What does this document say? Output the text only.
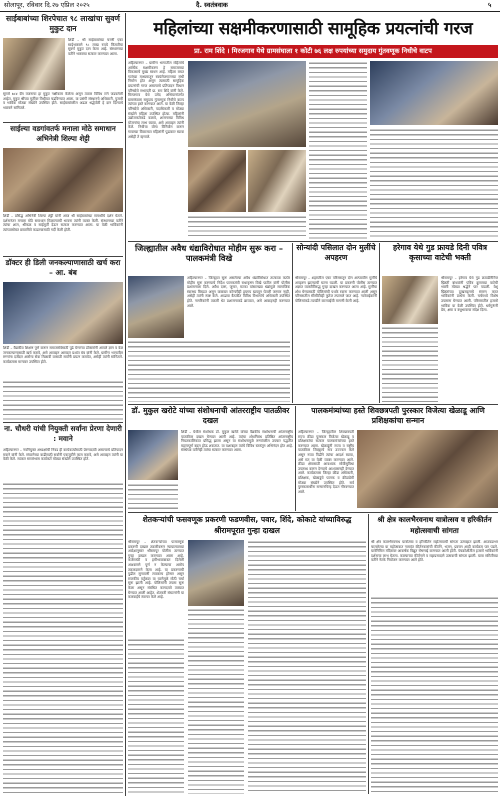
सोलापूर, रविवार दि.२७ एप्रिल २०२५	दै. स्वतंत्रवाक	५
साईबाबांच्या शिरपेचात ९८ लाखांचा सुवर्ण मुकुट दान
शिर्डी – श्री साईबाबांच्या चरणी एका साईभक्ताने ९८ लाख रुपये किंमतीचा सुवर्ण मुकुट दान केला आहे. संस्थानच्या वतीने भक्ताचा सत्कार करण्यात आला.
सुमारे ७८४ ग्रॅम वजनाचा हा मुकुट नक्षीकाम केलेला असून त्यावर विविध रत्ने जडवलेली आहेत. मुकुट श्रींच्या मूर्तीवर विधीवत चढविण्यात आला. या प्रसंगी संस्थानचे अधिकारी, पुजारी व भाविक मोठ्या संख्येने उपस्थित होते. साईबाबांवरील अढळ श्रद्धेपोटी हे दान दिल्याचे भक्ताने सांगितले.
साईल्या वडगांवतर्फ मनाला मोठे समाधान अभिनेत्री शिल्पा शेट्टी
शिर्डी – प्रसिद्ध अभिनेत्री शिल्पा शेट्टी यांनी आज श्री साईबाबांच्या समाधीचे दर्शन घेतले. दर्शनानंतर मनाला मोठे समाधान मिळाल्याची भावना त्यांनी व्यक्त केली. संस्थानच्या वतीने त्यांचा शाल, श्रीफळ व साईमूर्ती देऊन सत्कार करण्यात आला. या वेळी भाविकांनी त्यांच्यासोबत छायाचित्रे काढण्यासाठी गर्दी केली होती.
डॉक्टर ही डिली जनकल्याणासाठी खर्च करा – आ. बंब
शिर्डी – वैद्यकीय शिक्षण पूर्ण करून समाजसेवेसाठी पुढे येणाऱ्या डॉक्टरांनी आपले ज्ञान व वेळ जनकल्याणासाठी खर्च करावे, असे आवाहन आमदार प्रशांत बंब यांनी केले. ग्रामीण भागातील रुग्णांना दर्जेदार आरोग्य सेवा मिळावी यासाठी सर्वांनी प्रयत्न करावेत, असेही त्यांनी सांगितले. कार्यक्रमास मान्यवर उपस्थित होते.
ना. चौधरी यांची नियुक्ती सर्वांना प्रेरणा देणारी : मवाने
अहिल्यानगर – नवनियुक्त अध्यक्षांची निवड ही कार्यकर्त्यांसाठी प्रेरणादायी असल्याचे प्रतिपादन मवाने यांनी केले. संघटनेच्या वाढीसाठी सर्वांनी एकजुटीने काम करावे, असे आवाहन त्यांनी या वेळी केले. सत्कार समारंभास कार्यकर्ते मोठ्या संख्येने उपस्थित होते.
महिलांच्या सक्षमीकरणासाठी सामूहिक प्रयत्नांची गरज
प्रा. राम शिंदे । मिरजगाव येथे ग्रामसंघाला १ कोटी ७६ लक्ष रुपयांच्या समुदाय गुंतवणूक निधीचे वाटप
अहिल्यानगर – ग्रामीण भागातील महिलांचे आर्थिक सक्षमीकरण हे समाजाच्या विकासाचे मुख्य साधन आहे. महिला बचत गटांच्या माध्यमातून स्वयंरोजगाराच्या संधी निर्माण होत असून त्यासाठी सामूहिक प्रयत्नांची गरज असल्याचे प्रतिपादन विधान परिषदेचे सभापती प्रा. राम शिंदे यांनी केले. मिरजगाव येथे उमेद अभियानांतर्गत ग्रामसंघाला समुदाय गुंतवणूक निधीचे वाटप त्यांच्या हस्ते करण्यात आले. या वेळी जिल्हा परिषदेचे अधिकारी, पदाधिकारी व मोठ्या संख्येने महिला उपस्थित होत्या. महिलांनी उद्योजकतेकडे वळावे, शासनाच्या विविध योजनांचा लाभ घ्यावा, असे आवाहन त्यांनी केले. निधीचा योग्य विनियोग करून गावाच्या विकासात महिलांनी पुढाकार घ्यावा असेही ते म्हणाले.
जिल्ह्यातील अवैध धंद्याविरोधात मोहीम सुरू करा – पालकमंत्री विखे
अहिल्यानगर – जिल्ह्यात सुरू असलेल्या अवैध धंद्यांविरोधात तात्काळ कठोर मोहीम सुरू करण्याचे निर्देश पालकमंत्री राधाकृष्ण विखे पाटील यांनी पोलीस प्रशासनाला दिले. अवैध दारू, जुगार, मटका यांसारख्या धंद्यांमुळे सामाजिक स्वास्थ्य बिघडत असून याबाबत कोणतीही हयगय खपवून घेतली जाणार नाही, असेही त्यांनी स्पष्ट केले. आढावा बैठकीत विविध विभागांचे अधिकारी उपस्थित होते. नागरिकांनी तक्रारी थेट प्रशासनाकडे द्याव्यात, असे आवाहनही करण्यात आले.
सोन्यांदी पसिलात दोन मुलींचे अपहरण
श्रीरामपूर – शहरातील एका परिसरातून दोन अल्पवयीन मुलींचे अपहरण झाल्याची घटना घडली. या प्रकरणी पोलीस ठाण्यात अज्ञात व्यक्तीविरुद्ध गुन्हा दाखल करण्यात आला आहे. मुलींचा शोध घेण्यासाठी पोलिसांची पथके रवाना करण्यात आली असून परिसरातील सीसीटीव्ही फुटेज तपासले जात आहे. नातेवाईकांनी पोलिसांकडे तातडीने कारवाईची मागणी केली आहे.
हरेगाव येथे गुड फ्रायडे दिनी पवित्र कृसाच्या वाटेची भक्ती
श्रीरामपूर – हरेगाव येथे गुड फ्रायडेनिमित्त ख्रिस्ती बांधवांनी पवित्र क्रूसाच्या वाटेची भक्ती मोठ्या श्रद्धेने पार पाडली. येशू ख्रिस्तांच्या दुःखसहनाचे स्मरण करत भाविकांनी प्रार्थना केली. चर्चमध्ये विशेष उपासना घेण्यात आली. परिसरातील हजारो भाविक या वेळी उपस्थित होते. धर्मगुरूंनी प्रेम, क्षमा व बंधुभावाचा संदेश दिला.
डॉ. मुकुल खरोटे यांच्या संशोधनाची आंतरराष्ट्रीय पातळीवर दखल
शिर्डी – येथील संशोधक डॉ. मुकुल खरोटे यांच्या वैद्यकीय संशोधनाची आंतरराष्ट्रीय पातळीवर दखल घेण्यात आली आहे. त्यांचा शोधनिबंध प्रतिष्ठित आंतरराष्ट्रीय नियतकालिकात प्रसिद्ध झाला असून या संशोधनामुळे रुग्णांवरील उपचार पद्धतीत महत्त्वपूर्ण बदल होऊ शकतात. या यशाबद्दल त्यांचे विविध स्तरांतून अभिनंदन होत आहे. संस्थेच्या वतीनेही त्यांचा सत्कार करण्यात आला.
पालकमंत्र्यांच्या हस्ते शिवछत्रपती पुरस्कार विजेत्या खेळाडू आणि प्रशिक्षकांचा सन्मान
अहिल्यानगर – जिल्ह्यातील शिवछत्रपती राज्य क्रीडा पुरस्कार विजेत्या खेळाडू व प्रशिक्षकांचा सत्कार पालकमंत्र्यांच्या हस्ते करण्यात आला. खेळाडूंनी राज्य व राष्ट्रीय पातळीवर जिल्ह्याचे नाव उज्ज्वल केले असून नव्या पिढीने त्यांचा आदर्श घ्यावा, असे मत या वेळी व्यक्त करण्यात आले. क्रीडा क्षेत्रासाठी आवश्यक सोयीसुविधा उपलब्ध करून देण्याचे आश्वासनही देण्यात आले. कार्यक्रमास जिल्हा क्रीडा अधिकारी, प्रशिक्षक, खेळाडूंचे पालक व क्रीडाप्रेमी मोठ्या संख्येने उपस्थित होते. सर्व पुरस्कारार्थींना सन्मानचिन्ह देऊन गौरवण्यात आले.
शेतकऱ्यांची फसवणूक प्रकरणी फडणवीस, पवार, शिंदे, कोकाटे यांच्याविरुद्ध श्रीरामपूरात गुन्हा दाखल
श्रीरामपूर – शेतकऱ्यांच्या फसवणूक प्रकरणी दाखल तक्रारीवरून न्यायालयाच्या आदेशानुसार श्रीरामपूर पोलीस ठाण्यात गुन्हा दाखल करण्यात आला आहे. कर्जमाफी व हमीभावाबाबत दिलेली आश्वासने पूर्ण न केल्याचा आरोप तक्रारदाराने केला आहे. या प्रकरणाची पुढील सुनावणी लवकरच होणार असून राजकीय वर्तुळात या घटनेमुळे मोठी चर्चा सुरू झाली आहे. पोलिसांनी तपास सुरू केला असून संबंधित कागदपत्रे ताब्यात घेण्यात आली आहेत. शेतकरी संघटनांनी या कारवाईचे स्वागत केले आहे.
श्री क्षेत्र कालभैरवनाथ यात्रोत्सव व हरिकीर्तन महोत्सवाची सांगता
श्री क्षेत्र कालभैरवनाथ यात्रोत्सव व हरिकीर्तन महोत्सवाची सांगता उत्साहात झाली. आठवडाभर चाललेल्या या महोत्सवात नामवंत कीर्तनकारांची कीर्तने, भजन, प्रवचन आदी कार्यक्रम पार पडले. यात्रेनिमित्त मंदिरावर आकर्षक विद्युत रोषणाई करण्यात आली होती. पंचक्रोशीतील हजारो भाविकांनी दर्शनाचा लाभ घेतला. काल्याच्या कीर्तनाने व महाप्रसादाने उत्सवाची सांगता झाली. यात्रा समितीच्या वतीने नेटके नियोजन करण्यात आले होते.
